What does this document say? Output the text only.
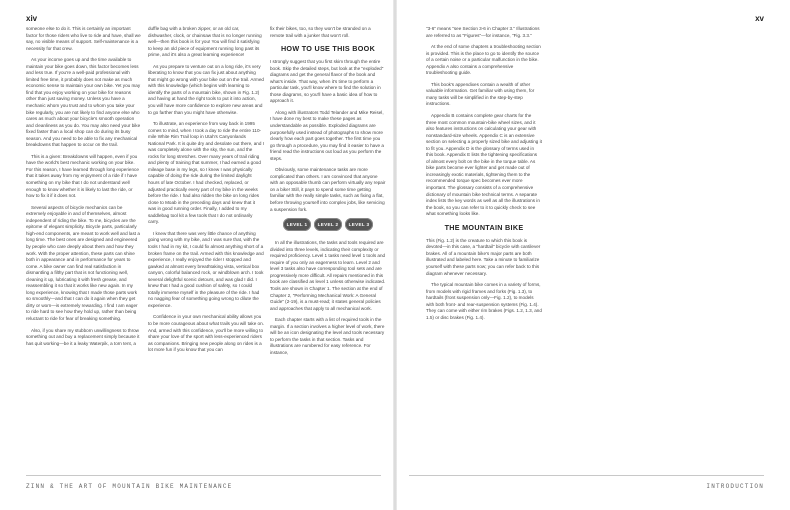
xiv

someone else to do it. This is certainly an important factor for those riders who live to ride and have, shall we say, no visible means of support. Self-maintenance is a necessity for that crew.

As your income goes up and the time available to maintain your bike goes down, this factor becomes less and less true. If you're a well-paid professional with limited free time, it probably does not make as much economic sense to maintain your own bike. Yet you may find that you enjoy working on your bike for reasons other than just saving money. Unless you have a mechanic whom you trust and to whom you take your bike regularly, you are not likely to find anyone else who cares as much about your bicycle's smooth operation and cleanliness as you do. You may also need your bike fixed faster than a local shop can do during its busy season. And you need to be able to fix any mechanical breakdowns that happen to occur on the trail.

This is a given: Breakdowns will happen, even if you have the world's best mechanic working on your bike. For this reason, I have learned through long experience that it takes away from my enjoyment of a ride if I have something on my bike that I do not understand well enough to know whether it is likely to last the ride, or how to fix it if it does not.

Several aspects of bicycle mechanics can be extremely enjoyable in and of themselves, almost independent of riding the bike. To me, bicycles are the epitome of elegant simplicity. Bicycle parts, particularly high-end components, are meant to work well and last a long time. The best ones are designed and engineered by people who care deeply about them and how they work. With the proper attention, these parts can shine both in appearance and in performance for years to come. A bike owner can find real satisfaction in dismantling a filthy part that is not functioning well, cleaning it up, lubricating it with fresh grease, and reassembling it so that it works like new again. In my long experience, knowing that I made those parts work so smoothly—and that I can do it again when they get dirty or worn—is extremely rewarding. I find I am eager to ride hard to see how they hold up, rather than being reluctant to ride for fear of breaking something.

Also, if you share my stubborn unwillingness to throw something out and buy a replacement simply because it has quit working—be it a leaky Waterpik, a torn tent, a

duffle bag with a broken zipper, or an old car, dishwasher, clock, or chainsaw that is no longer running well—then this book is for you! You will find it satisfying to keep an old piece of equipment running long past its prime, and it's also a great learning experience!

As you prepare to venture out on a long ride, it's very liberating to know that you can fix just about anything that might go wrong with your bike out on the trail. Armed with this knowledge (which begins with learning to identify the parts of a mountain bike, shown in Fig. 1.2) and having at hand the right tools to put it into action, you will have more confidence to explore new areas and to go farther than you might have otherwise.

To illustrate, an experience from way back in 1995 comes to mind, when I took a day to ride the entire 110-mile White Rim Trail loop in Utah's Canyonlands National Park. It is quite dry and desolate out there, and I was completely alone with the sky, the sun, and the rocks for long stretches. Over many years of trail riding and plenty of training that summer, I had earned a good mileage base in my legs, so I knew I was physically capable of doing the ride during the limited daylight hours of late October. I had checked, replaced, or adjusted practically every part of my bike in the weeks before the ride. I had also ridden the bike on long rides close to Moab in the preceding days and knew that it was in good running order. Finally, I added to my saddlebag tool kit a few tools that I do not ordinarily carry.

I knew that there was very little chance of anything going wrong with my bike, and I was sure that, with the tools I had in my kit, I could fix almost anything short of a broken frame on the trail. Armed with this knowledge and experience, I really enjoyed the ride! I stopped and gawked at almost every breathtaking vista, vertical box canyon, colorful balanced rock, or windblown arch. I took several delightful scenic detours, and was glad I did. I knew that I had a good cushion of safety, so I could totally immerse myself in the pleasure of the ride. I had no nagging fear of something going wrong to dilute the experience.

Confidence in your own mechanical ability allows you to be more courageous about what trails you will take on. And, armed with this confidence, you'll be more willing to share your love of the sport with less-experienced riders as companions. Bringing new people along on rides is a lot more fun if you know that you can

fix their bikes, too, so they won't be stranded on a remote trail with a junker that won't roll.

HOW TO USE THIS BOOK

I strongly suggest that you first skim through the entire book. Skip the detailed steps, but look at the "exploded" diagrams and get the general flavor of the book and what's inside. That way, when it's time to perform a particular task, you'll know where to find the solution in those diagrams, so you'll have a basic idea of how to approach it.

Along with illustrators Todd Telander and Mike Reisel, I have done my best to make these pages as understandable as possible. Exploded diagrams are purposefully used instead of photographs to show more clearly how each part goes together. The first time you go through a procedure, you may find it easier to have a friend read the instructions out loud as you perform the steps.

Obviously, some maintenance tasks are more complicated than others. I am convinced that anyone with an opposable thumb can perform virtually any repair on a bike! Still, it pays to spend some time getting familiar with the really simple tasks, such as fixing a flat, before throwing yourself into complex jobs, like servicing a suspension fork.

LEVEL 1	LEVEL 2	LEVEL 3

In all the illustrations, the tasks and tools required are divided into three levels, indicating their complexity or required proficiency. Level 1 tasks need level 1 tools and require of you only an eagerness to learn. Level 2 and level 3 tasks also have corresponding tool sets and are progressively more difficult. All repairs mentioned in this book are classified as level 1 unless otherwise indicated. Tools are shown in Chapter 1. The section at the end of Chapter 2, "Performing Mechanical Work: A General Guide" (2-19), is a must-read; it states general policies and approaches that apply to all mechanical work.

Each chapter starts with a list of required tools in the margin. If a section involves a higher level of work, there will be an icon designating the level and tools necessary to perform the tasks in that section. Tasks and illustrations are numbered for easy reference. For instance,

ZINN & THE ART OF MOUNTAIN BIKE MAINTENANCE
xv

"3-6" means "see Section 3-6 in Chapter 3." Illustrations are referred to as "Figures"—for instance, "Fig. 3.3."

At the end of some chapters a troubleshooting section is provided. This is the place to go to identify the source of a certain noise or a particular malfunction in the bike. Appendix A also contains a comprehensive troubleshooting guide.

This book's appendixes contain a wealth of other valuable information. Get familiar with using them, for many tasks will be simplified in the step-by-step instructions.

Appendix B contains complete gear charts for the three most common mountain-bike wheel sizes, and it also features instructions on calculating your gear with nonstandard-size wheels. Appendix C is an extensive section on selecting a properly sized bike and adjusting it to fit you. Appendix D is the glossary of terms used in this book. Appendix E lists the tightening specifications of almost every bolt on the bike in the torque table. As bike parts become ever lighter and get made out of increasingly exotic materials, tightening them to the recommended torque spec becomes ever more important. The glossary consists of a comprehensive dictionary of mountain bike technical terms. A separate index lists the key words as well as all the illustrations in the book, so you can refer to it to quickly check to see what something looks like.

THE MOUNTAIN BIKE

This (Fig. 1.2) is the creature to which this book is devoted—in this case, a "hardtail" bicycle with cantilever brakes. All of a mountain bike's major parts are both illustrated and labeled here. Take a minute to familiarize yourself with these parts now; you can refer back to this diagram whenever necessary.

The typical mountain bike comes in a variety of forms, from models with rigid frames and forks (Fig. 1.3), to hardtails (front suspension only—Fig. 1.2), to models with both front- and rear-suspension systems (Fig. 1.4). They can come with either rim brakes (Figs. 1.2, 1.3, and 1.5) or disc brakes (Fig. 1.4).

INTRODUCTION
